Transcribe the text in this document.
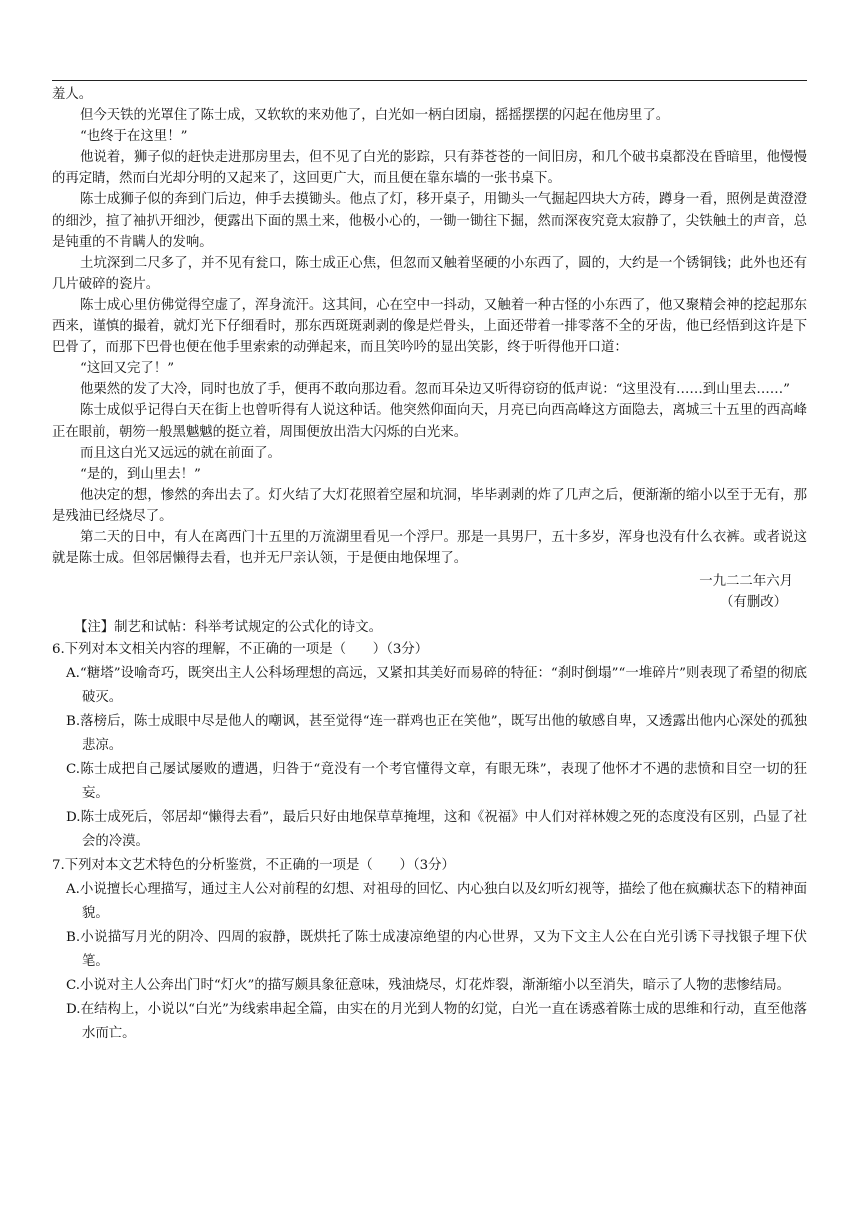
羞人。

但今天铁的光罩住了陈士成，又软软的来劝他了，白光如一柄白团扇，摇摇摆摆的闪起在他房里了。

“也终于在这里！”

他说着，狮子似的赶快走进那房里去，但不见了白光的影踪，只有莽苍苍的一间旧房，和几个破书桌都没在昏暗里，他慢慢的再定睛，然而白光却分明的又起来了，这回更广大，而且便在靠东墙的一张书桌下。

陈士成狮子似的奔到门后边，伸手去摸锄头。他点了灯，移开桌子，用锄头一气掘起四块大方砖，蹲身一看，照例是黄澄澄的细沙，揎了袖扒开细沙，便露出下面的黑土来，他极小心的，一锄一锄往下掘，然而深夜究竟太寂静了，尖铁触土的声音，总是钝重的不肯瞒人的发响。

土坑深到二尺多了，并不见有瓮口，陈士成正心焦，但忽而又触着坚硬的小东西了，圆的，大约是一个锈铜钱；此外也还有几片破碎的瓷片。

陈士成心里仿佛觉得空虚了，浑身流汗。这其间，心在空中一抖动，又触着一种古怪的小东西了，他又聚精会神的挖起那东西来，谨慎的撮着，就灯光下仔细看时，那东西斑斑剥剥的像是烂骨头，上面还带着一排零落不全的牙齿，他已经悟到这许是下巴骨了，而那下巴骨也便在他手里索索的动弹起来，而且笑吟吟的显出笑影，终于听得他开口道：

“这回又完了！”

他栗然的发了大冷，同时也放了手，便再不敢向那边看。忽而耳朵边又听得窃窃的低声说：“这里没有……到山里去……”

陈士成似乎记得白天在街上也曾听得有人说这种话。他突然仰面向天，月亮已向西高峰这方面隐去，离城三十五里的西高峰正在眼前，朝笏一般黑魆魆的挺立着，周围便放出浩大闪烁的白光来。

而且这白光又远远的就在前面了。

“是的，到山里去！”

他决定的想，惨然的奔出去了。灯火结了大灯花照着空屋和坑洞，毕毕剥剥的炸了几声之后，便渐渐的缩小以至于无有，那是残油已经烧尽了。

第二天的日中，有人在离西门十五里的万流湖里看见一个浮尸。那是一具男尸，五十多岁，浑身也没有什么衣裤。或者说这就是陈士成。但邻居懒得去看，也并无尸亲认领，于是便由地保埋了。

一九二二年六月

（有删改）

【注】制艺和试帖：科举考试规定的公式化的诗文。

6.下列对本文相关内容的理解，不正确的一项是（　　）（3分）

A.“糖塔”设喻奇巧，既突出主人公科场理想的高远，又紧扣其美好而易碎的特征：“刹时倒塌”“一堆碎片”则表现了希望的彻底破灭。

B.落榜后，陈士成眼中尽是他人的嘲讽，甚至觉得“连一群鸡也正在笑他”，既写出他的敏感自卑，又透露出他内心深处的孤独悲凉。

C.陈士成把自己屡试屡败的遭遇，归咎于“竟没有一个考官懂得文章，有眼无珠”，表现了他怀才不遇的悲愤和目空一切的狂妄。

D.陈士成死后，邻居却“懒得去看”，最后只好由地保草草掩埋，这和《祝福》中人们对祥林嫂之死的态度没有区别，凸显了社会的冷漠。

7.下列对本文艺术特色的分析鉴赏，不正确的一项是（　　）（3分）

A.小说擅长心理描写，通过主人公对前程的幻想、对祖母的回忆、内心独白以及幻听幻视等，描绘了他在疯癫状态下的精神面貌。

B.小说描写月光的阴冷、四周的寂静，既烘托了陈士成凄凉绝望的内心世界，又为下文主人公在白光引诱下寻找银子埋下伏笔。

C.小说对主人公奔出门时“灯火”的描写颇具象征意味，残油烧尽，灯花炸裂，渐渐缩小以至消失，暗示了人物的悲惨结局。

D.在结构上，小说以“白光”为线索串起全篇，由实在的月光到人物的幻觉，白光一直在诱惑着陈士成的思维和行动，直至他落水而亡。
